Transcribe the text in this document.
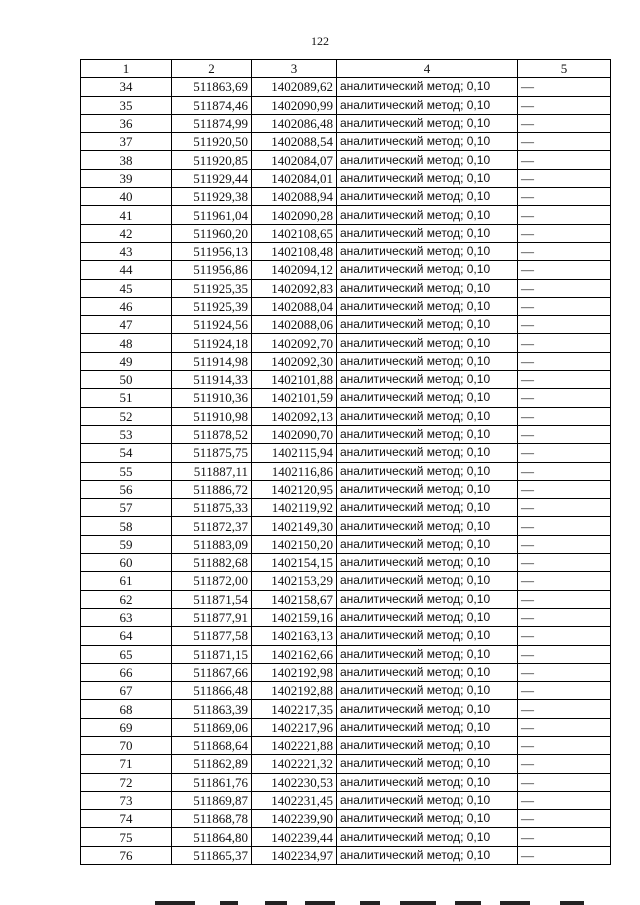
122
1	2	3	4	5
34	511863,69	1402089,62	аналитический метод; 0,10	—
35	511874,46	1402090,99	аналитический метод; 0,10	—
36	511874,99	1402086,48	аналитический метод; 0,10	—
37	511920,50	1402088,54	аналитический метод; 0,10	—
38	511920,85	1402084,07	аналитический метод; 0,10	—
39	511929,44	1402084,01	аналитический метод; 0,10	—
40	511929,38	1402088,94	аналитический метод; 0,10	—
41	511961,04	1402090,28	аналитический метод; 0,10	—
42	511960,20	1402108,65	аналитический метод; 0,10	—
43	511956,13	1402108,48	аналитический метод; 0,10	—
44	511956,86	1402094,12	аналитический метод; 0,10	—
45	511925,35	1402092,83	аналитический метод; 0,10	—
46	511925,39	1402088,04	аналитический метод; 0,10	—
47	511924,56	1402088,06	аналитический метод; 0,10	—
48	511924,18	1402092,70	аналитический метод; 0,10	—
49	511914,98	1402092,30	аналитический метод; 0,10	—
50	511914,33	1402101,88	аналитический метод; 0,10	—
51	511910,36	1402101,59	аналитический метод; 0,10	—
52	511910,98	1402092,13	аналитический метод; 0,10	—
53	511878,52	1402090,70	аналитический метод; 0,10	—
54	511875,75	1402115,94	аналитический метод; 0,10	—
55	511887,11	1402116,86	аналитический метод; 0,10	—
56	511886,72	1402120,95	аналитический метод; 0,10	—
57	511875,33	1402119,92	аналитический метод; 0,10	—
58	511872,37	1402149,30	аналитический метод; 0,10	—
59	511883,09	1402150,20	аналитический метод; 0,10	—
60	511882,68	1402154,15	аналитический метод; 0,10	—
61	511872,00	1402153,29	аналитический метод; 0,10	—
62	511871,54	1402158,67	аналитический метод; 0,10	—
63	511877,91	1402159,16	аналитический метод; 0,10	—
64	511877,58	1402163,13	аналитический метод; 0,10	—
65	511871,15	1402162,66	аналитический метод; 0,10	—
66	511867,66	1402192,98	аналитический метод; 0,10	—
67	511866,48	1402192,88	аналитический метод; 0,10	—
68	511863,39	1402217,35	аналитический метод; 0,10	—
69	511869,06	1402217,96	аналитический метод; 0,10	—
70	511868,64	1402221,88	аналитический метод; 0,10	—
71	511862,89	1402221,32	аналитический метод; 0,10	—
72	511861,76	1402230,53	аналитический метод; 0,10	—
73	511869,87	1402231,45	аналитический метод; 0,10	—
74	511868,78	1402239,90	аналитический метод; 0,10	—
75	511864,80	1402239,44	аналитический метод; 0,10	—
76	511865,37	1402234,97	аналитический метод; 0,10	—
